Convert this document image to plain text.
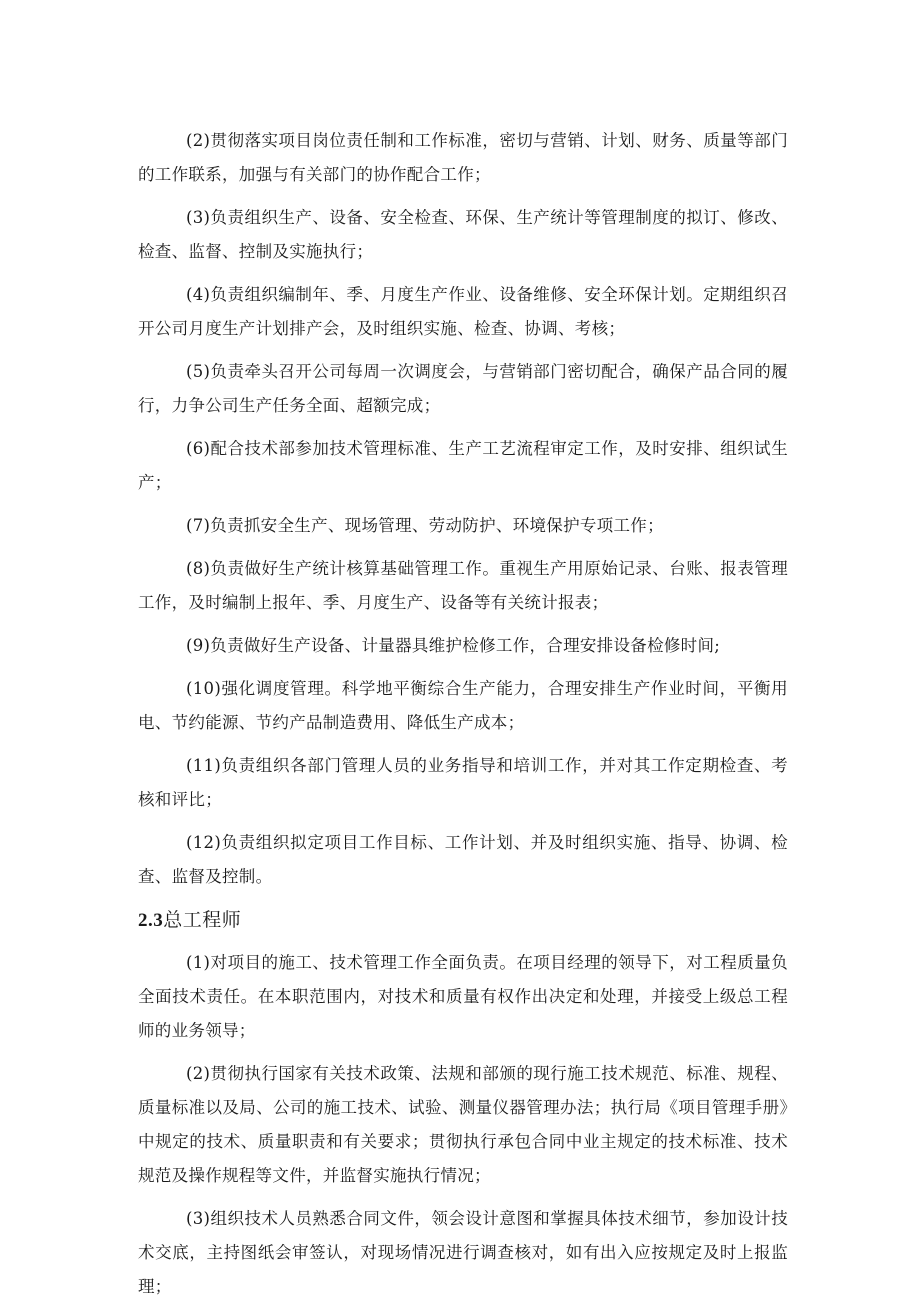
(2)贯彻落实项目岗位责任制和工作标准，密切与营销、计划、财务、质量等部门的工作联系，加强与有关部门的协作配合工作；

(3)负责组织生产、设备、安全检查、环保、生产统计等管理制度的拟订、修改、检查、监督、控制及实施执行；

(4)负责组织编制年、季、月度生产作业、设备维修、安全环保计划。定期组织召开公司月度生产计划排产会，及时组织实施、检查、协调、考核；

(5)负责牵头召开公司每周一次调度会，与营销部门密切配合，确保产品合同的履行，力争公司生产任务全面、超额完成；

(6)配合技术部参加技术管理标准、生产工艺流程审定工作，及时安排、组织试生产；

(7)负责抓安全生产、现场管理、劳动防护、环境保护专项工作；

(8)负责做好生产统计核算基础管理工作。重视生产用原始记录、台账、报表管理工作，及时编制上报年、季、月度生产、设备等有关统计报表；

(9)负责做好生产设备、计量器具维护检修工作，合理安排设备检修时间;

(10)强化调度管理。科学地平衡综合生产能力，合理安排生产作业时间，平衡用电、节约能源、节约产品制造费用、降低生产成本；

(11)负责组织各部门管理人员的业务指导和培训工作，并对其工作定期检查、考核和评比；

(12)负责组织拟定项目工作目标、工作计划、并及时组织实施、指导、协调、检查、监督及控制。

2.3总工程师

(1)对项目的施工、技术管理工作全面负责。在项目经理的领导下，对工程质量负全面技术责任。在本职范围内，对技术和质量有权作出决定和处理，并接受上级总工程师的业务领导；

(2)贯彻执行国家有关技术政策、法规和部颁的现行施工技术规范、标准、规程、质量标准以及局、公司的施工技术、试验、测量仪器管理办法；执行局《项目管理手册》中规定的技术、质量职责和有关要求；贯彻执行承包合同中业主规定的技术标准、技术规范及操作规程等文件，并监督实施执行情况；

(3)组织技术人员熟悉合同文件，领会设计意图和掌握具体技术细节，参加设计技术交底，主持图纸会审签认，对现场情况进行调查核对，如有出入应按规定及时上报监理；
